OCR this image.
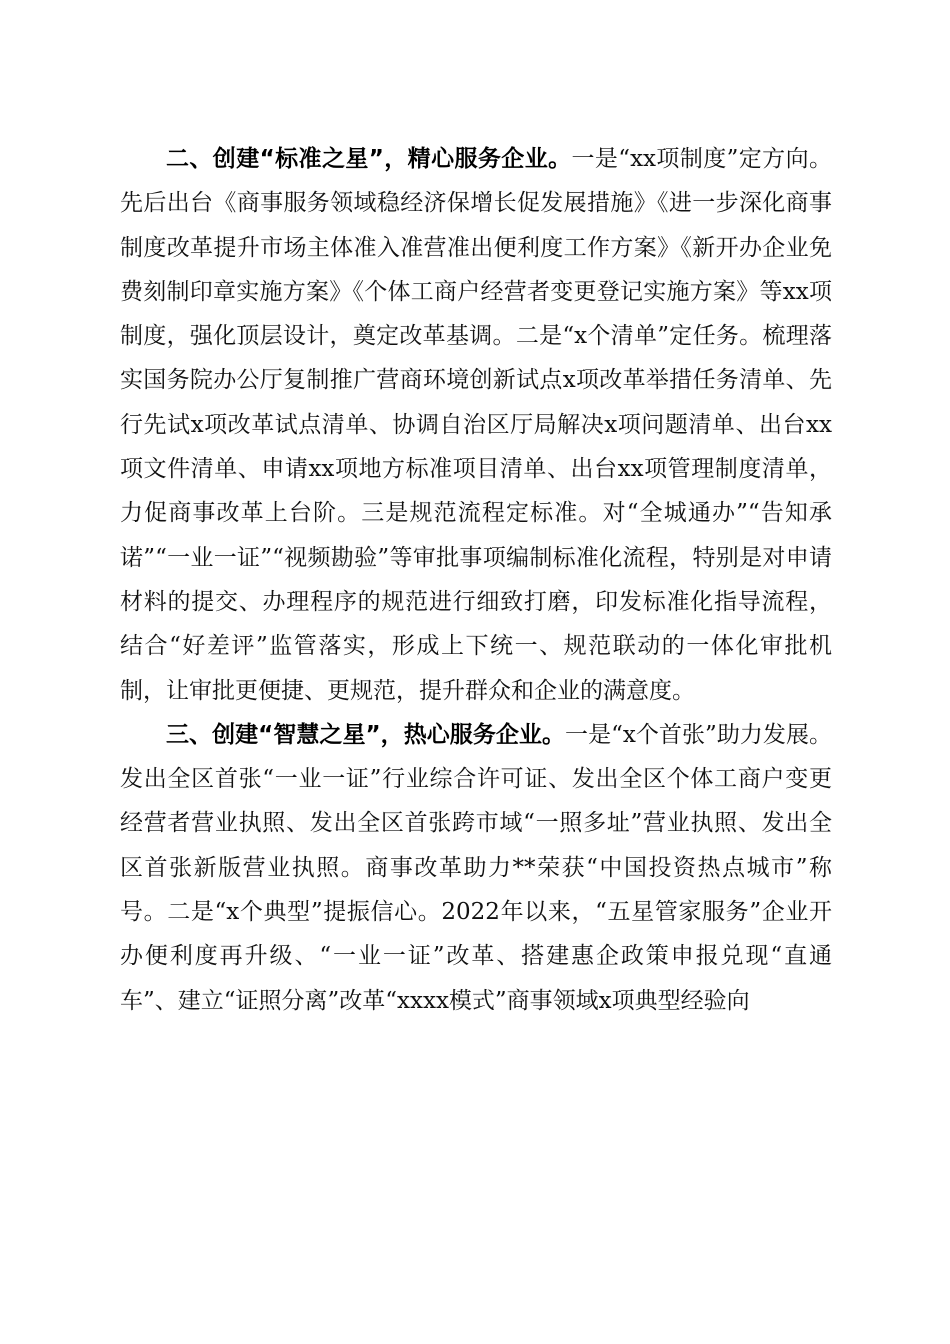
二、创建“标准之星”，精心服务企业。一是“xx项制度”定方向。先后出台《商事服务领域稳经济保增长促发展措施》《进一步深化商事制度改革提升市场主体准入准营准出便利度工作方案》《新开办企业免费刻制印章实施方案》《个体工商户经营者变更登记实施方案》等xx项制度，强化顶层设计，奠定改革基调。二是“x个清单”定任务。梳理落实国务院办公厅复制推广营商环境创新试点x项改革举措任务清单、先行先试x项改革试点清单、协调自治区厅局解决x项问题清单、出台xx项文件清单、申请xx项地方标准项目清单、出台xx项管理制度清单，力促商事改革上台阶。三是规范流程定标准。对“全城通办”“告知承诺”“一业一证”“视频勘验”等审批事项编制标准化流程，特别是对申请材料的提交、办理程序的规范进行细致打磨，印发标准化指导流程，结合“好差评”监管落实，形成上下统一、规范联动的一体化审批机制，让审批更便捷、更规范，提升群众和企业的满意度。

三、创建“智慧之星”，热心服务企业。一是“x个首张”助力发展。发出全区首张“一业一证”行业综合许可证、发出全区个体工商户变更经营者营业执照、发出全区首张跨市域“一照多址”营业执照、发出全区首张新版营业执照。商事改革助力**荣获“中国投资热点城市”称号。二是“x个典型”提振信心。2022年以来，“五星管家服务”企业开办便利度再升级、“一业一证”改革、搭建惠企政策申报兑现“直通车”、建立“证照分离”改革“xxxx模式”商事领域x项典型经验向
